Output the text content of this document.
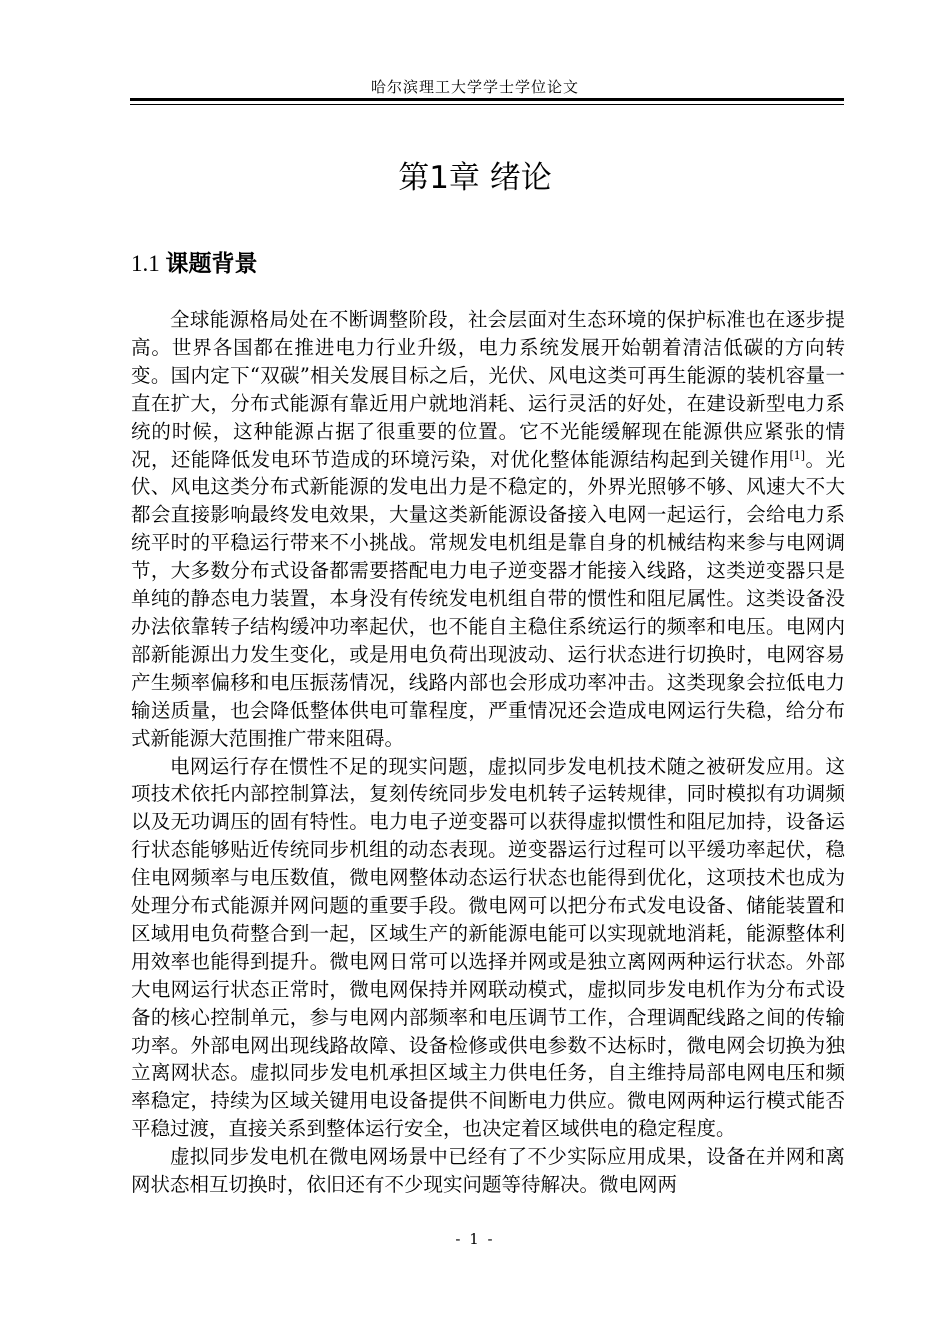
哈尔滨理工大学学士学位论文
第1章 绪论
1.1 课题背景

全球能源格局处在不断调整阶段，社会层面对生态环境的保护标准也在逐步提高。世界各国都在推进电力行业升级，电力系统发展开始朝着清洁低碳的方向转变。国内定下“双碳”相关发展目标之后，光伏、风电这类可再生能源的装机容量一直在扩大，分布式能源有靠近用户就地消耗、运行灵活的好处，在建设新型电力系统的时候，这种能源占据了很重要的位置。它不光能缓解现在能源供应紧张的情况，还能降低发电环节造成的环境污染，对优化整体能源结构起到关键作用[1]。光伏、风电这类分布式新能源的发电出力是不稳定的，外界光照够不够、风速大不大都会直接影响最终发电效果，大量这类新能源设备接入电网一起运行，会给电力系统平时的平稳运行带来不小挑战。常规发电机组是靠自身的机械结构来参与电网调节，大多数分布式设备都需要搭配电力电子逆变器才能接入线路，这类逆变器只是单纯的静态电力装置，本身没有传统发电机组自带的惯性和阻尼属性。这类设备没办法依靠转子结构缓冲功率起伏，也不能自主稳住系统运行的频率和电压。电网内部新能源出力发生变化，或是用电负荷出现波动、运行状态进行切换时，电网容易产生频率偏移和电压振荡情况，线路内部也会形成功率冲击。这类现象会拉低电力输送质量，也会降低整体供电可靠程度，严重情况还会造成电网运行失稳，给分布式新能源大范围推广带来阻碍。

电网运行存在惯性不足的现实问题，虚拟同步发电机技术随之被研发应用。这项技术依托内部控制算法，复刻传统同步发电机转子运转规律，同时模拟有功调频以及无功调压的固有特性。电力电子逆变器可以获得虚拟惯性和阻尼加持，设备运行状态能够贴近传统同步机组的动态表现。逆变器运行过程可以平缓功率起伏，稳住电网频率与电压数值，微电网整体动态运行状态也能得到优化，这项技术也成为处理分布式能源并网问题的重要手段。微电网可以把分布式发电设备、储能装置和区域用电负荷整合到一起，区域生产的新能源电能可以实现就地消耗，能源整体利用效率也能得到提升。微电网日常可以选择并网或是独立离网两种运行状态。外部大电网运行状态正常时，微电网保持并网联动模式，虚拟同步发电机作为分布式设备的核心控制单元，参与电网内部频率和电压调节工作，合理调配线路之间的传输功率。外部电网出现线路故障、设备检修或供电参数不达标时，微电网会切换为独立离网状态。虚拟同步发电机承担区域主力供电任务，自主维持局部电网电压和频率稳定，持续为区域关键用电设备提供不间断电力供应。微电网两种运行模式能否平稳过渡，直接关系到整体运行安全，也决定着区域供电的稳定程度。

虚拟同步发电机在微电网场景中已经有了不少实际应用成果，设备在并网和离网状态相互切换时，依旧还有不少现实问题等待解决。微电网两

- 1 -
